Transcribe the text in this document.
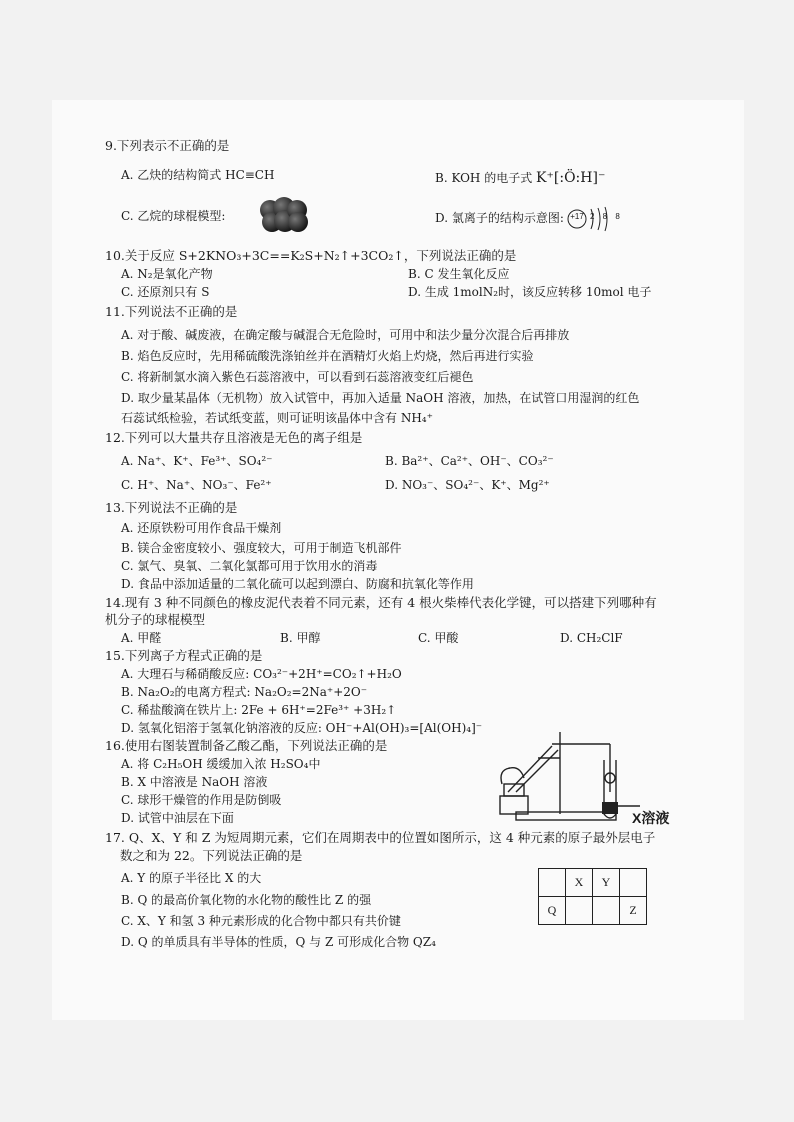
9.下列表示不正确的是
A. 乙炔的结构简式 HC≡CH	B. KOH 的电子式 K⁺[:Ö:H]⁻
C. 乙烷的球棍模型:	D. 氯离子的结构示意图: +17 2 8 8
10.关于反应 S+2KNO₃+3C==K₂S+N₂↑+3CO₂↑，下列说法正确的是
A. N₂是氧化产物	B. C 发生氧化反应
C. 还原剂只有 S	D. 生成 1molN₂时，该反应转移 10mol 电子
11.下列说法不正确的是
A. 对于酸、碱废液，在确定酸与碱混合无危险时，可用中和法少量分次混合后再排放
B. 焰色反应时，先用稀硫酸洗涤铂丝并在酒精灯火焰上灼烧，然后再进行实验
C. 将新制氯水滴入紫色石蕊溶液中，可以看到石蕊溶液变红后褪色
D. 取少量某晶体（无机物）放入试管中，再加入适量 NaOH 溶液，加热，在试管口用湿润的红色
石蕊试纸检验，若试纸变蓝，则可证明该晶体中含有 NH₄⁺
12.下列可以大量共存且溶液是无色的离子组是
A. Na⁺、K⁺、Fe³⁺、SO₄²⁻	B. Ba²⁺、Ca²⁺、OH⁻、CO₃²⁻
C. H⁺、Na⁺、NO₃⁻、Fe²⁺	D. NO₃⁻、SO₄²⁻、K⁺、Mg²⁺
13.下列说法不正确的是
A. 还原铁粉可用作食品干燥剂
B. 镁合金密度较小、强度较大，可用于制造飞机部件
C. 氯气、臭氧、二氧化氯都可用于饮用水的消毒
D. 食品中添加适量的二氧化硫可以起到漂白、防腐和抗氧化等作用
14.现有 3 种不同颜色的橡皮泥代表着不同元素，还有 4 根火柴棒代表化学键，可以搭建下列哪种有
机分子的球棍模型
A. 甲醛	B. 甲醇	C. 甲酸	D. CH₂ClF
15.下列离子方程式正确的是
A. 大理石与稀硝酸反应: CO₃²⁻+2H⁺=CO₂↑+H₂O
B. Na₂O₂的电离方程式: Na₂O₂=2Na⁺+2O⁻
C. 稀盐酸滴在铁片上: 2Fe + 6H⁺=2Fe³⁺ +3H₂↑
D. 氢氧化铝溶于氢氧化钠溶液的反应: OH⁻+Al(OH)₃=[Al(OH)₄]⁻
16.使用右图装置制备乙酸乙酯，下列说法正确的是
A. 将 C₂H₅OH 缓缓加入浓 H₂SO₄中
B. X 中溶液是 NaOH 溶液
C. 球形干燥管的作用是防倒吸
D. 试管中油层在下面	X溶液
17. Q、X、Y 和 Z 为短周期元素，它们在周期表中的位置如图所示，这 4 种元素的原子最外层电子
数之和为 22。下列说法正确的是
A. Y 的原子半径比 X 的大
B. Q 的最高价氧化物的水化物的酸性比 Z 的强
C. X、Y 和氢 3 种元素形成的化合物中都只有共价键
D. Q 的单质具有半导体的性质，Q 与 Z 可形成化合物 QZ₄
	X	Y	
Q			Z
